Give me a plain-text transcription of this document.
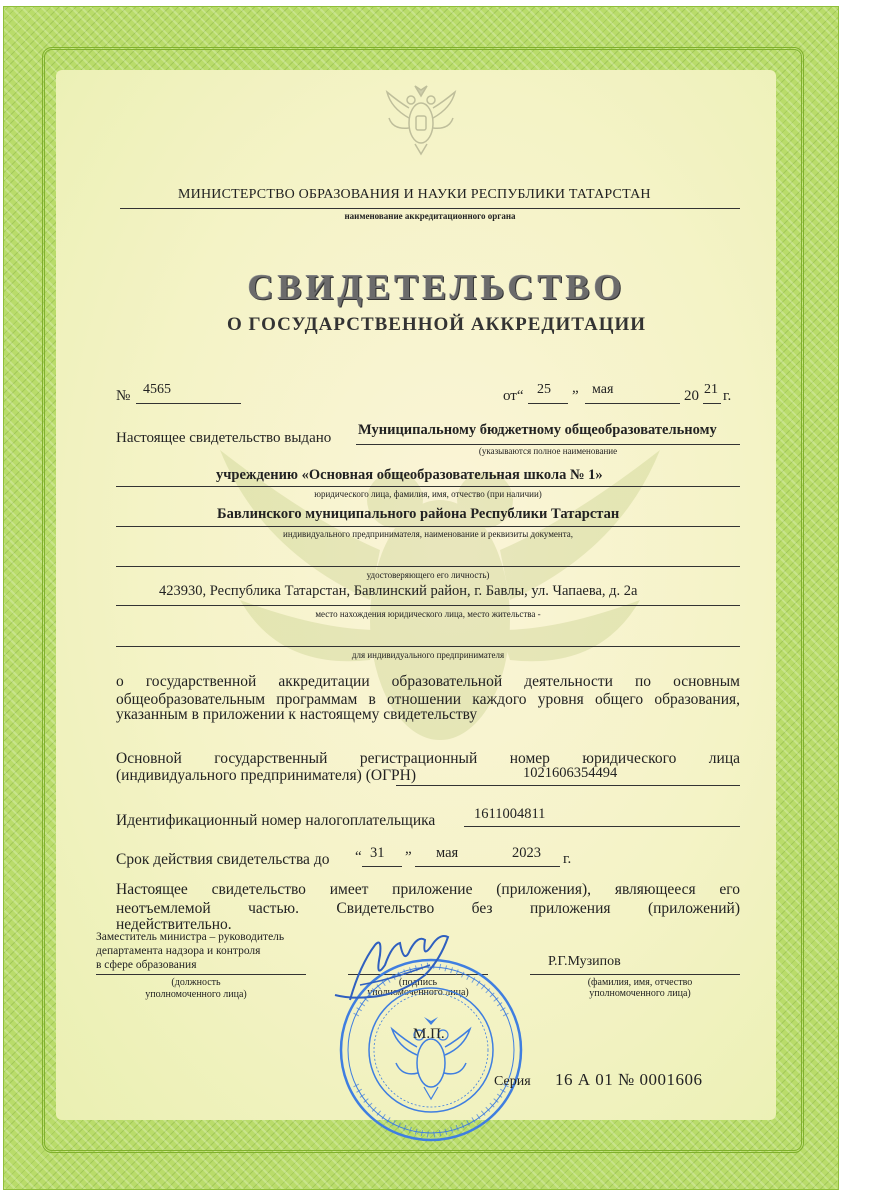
МИНИСТЕРСТВО ОБРАЗОВАНИЯ И НАУКИ РЕСПУБЛИКИ ТАТАРСТАН
наименование аккредитационного органа
СВИДЕТЕЛЬСТВО
О ГОСУДАРСТВЕННОЙ АККРЕДИТАЦИИ
№ 4565	от“ 25 ” мая	20 21 г.
Настоящее свидетельство выдано Муниципальному бюджетному общеобразовательному
(указываются полное наименование
учреждению «Основная общеобразовательная школа № 1»
юридического лица, фамилия, имя, отчество (при наличии)
Бавлинского муниципального района Республики Татарстан
индивидуального предпринимателя, наименование и реквизиты документа,
удостоверяющего его личность)
423930, Республика Татарстан, Бавлинский район, г. Бавлы, ул. Чапаева, д. 2а
место нахождения юридического лица, место жительства -
для индивидуального предпринимателя
о государственной аккредитации образовательной деятельности по основным
общеобразовательным программам в отношении каждого уровня общего образования,
указанным в приложении к настоящему свидетельству
Основной государственный регистрационный номер юридического лица
(индивидуального предпринимателя) (ОГРН)	1021606354494
Идентификационный номер налогоплательщика	1611004811
Срок действия свидетельства до “ 31 ” мая	2023 г.
Настоящее свидетельство имеет приложение (приложения), являющееся его
неотъемлемой частью. Свидетельство без приложения (приложений)
недействительно.
Заместитель министра – руководитель
департамента надзора и контроля
в сфере образования
(должность
уполномоченного лица)
(подпись
уполномоченного лица)
Р.Г.Музипов
(фамилия, имя, отчество
уполномоченного лица)
М.П.
Серия 16 А 01 № 0001606
